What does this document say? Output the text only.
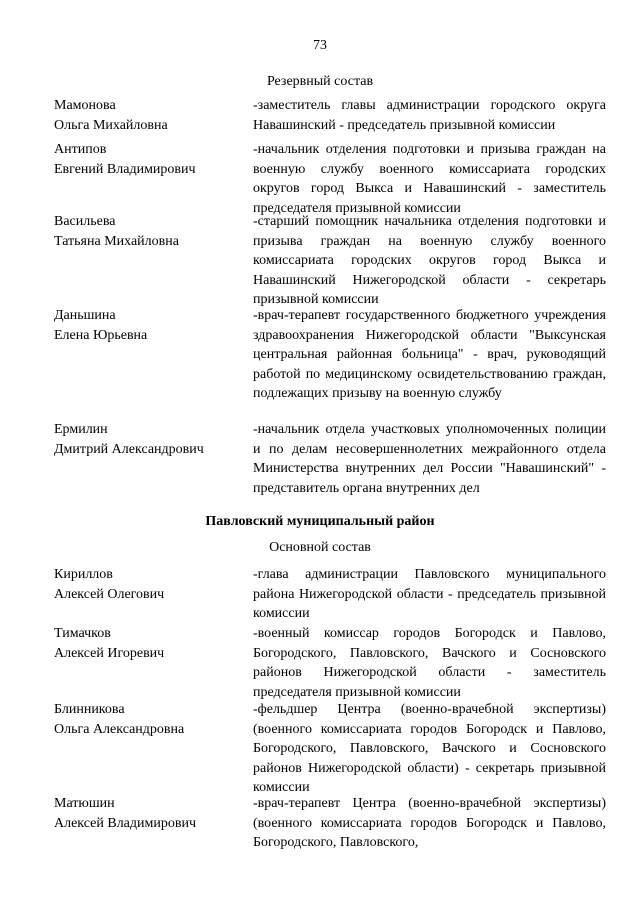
73
Резервный состав
Мамонова
Ольга Михайловна
-заместитель главы администрации городского округа Навашинский - председатель призывной комиссии
Антипов
Евгений Владимирович
-начальник отделения подготовки и призыва граждан на военную службу военного комиссариата городских округов город Выкса и Навашинский - заместитель председателя призывной комиссии
Васильева
Татьяна Михайловна
-старший помощник начальника отделения подготовки и призыва граждан на военную службу военного комиссариата городских округов город Выкса и Навашинский Нижегородской области - секретарь призывной комиссии
Даньшина
Елена Юрьевна
-врач-терапевт государственного бюджетного учреждения здравоохранения Нижегородской области "Выксунская центральная районная больница" - врач, руководящий работой по медицинскому освидетельствованию граждан, подлежащих призыву на военную службу
Ермилин
Дмитрий Александрович
-начальник отдела участковых уполномоченных полиции и по делам несовершеннолетних межрайонного отдела Министерства внутренних дел России "Навашинский" - представитель органа внутренних дел
Павловский муниципальный район
Основной состав
Кириллов
Алексей Олегович
-глава администрации Павловского муниципального района Нижегородской области - председатель призывной комиссии
Тимачков
Алексей Игоревич
-военный комиссар городов Богородск и Павлово, Богородского, Павловского, Вачского и Сосновского районов Нижегородской области - заместитель председателя призывной комиссии
Блинникова
Ольга Александровна
-фельдшер Центра (военно-врачебной экспертизы) (военного комиссариата городов Богородск и Павлово, Богородского, Павловского, Вачского и Сосновского районов Нижегородской области) - секретарь призывной комиссии
Матюшин
Алексей Владимирович
-врач-терапевт Центра (военно-врачебной экспертизы) (военного комиссариата городов Богородск и Павлово, Богородского, Павловского,
